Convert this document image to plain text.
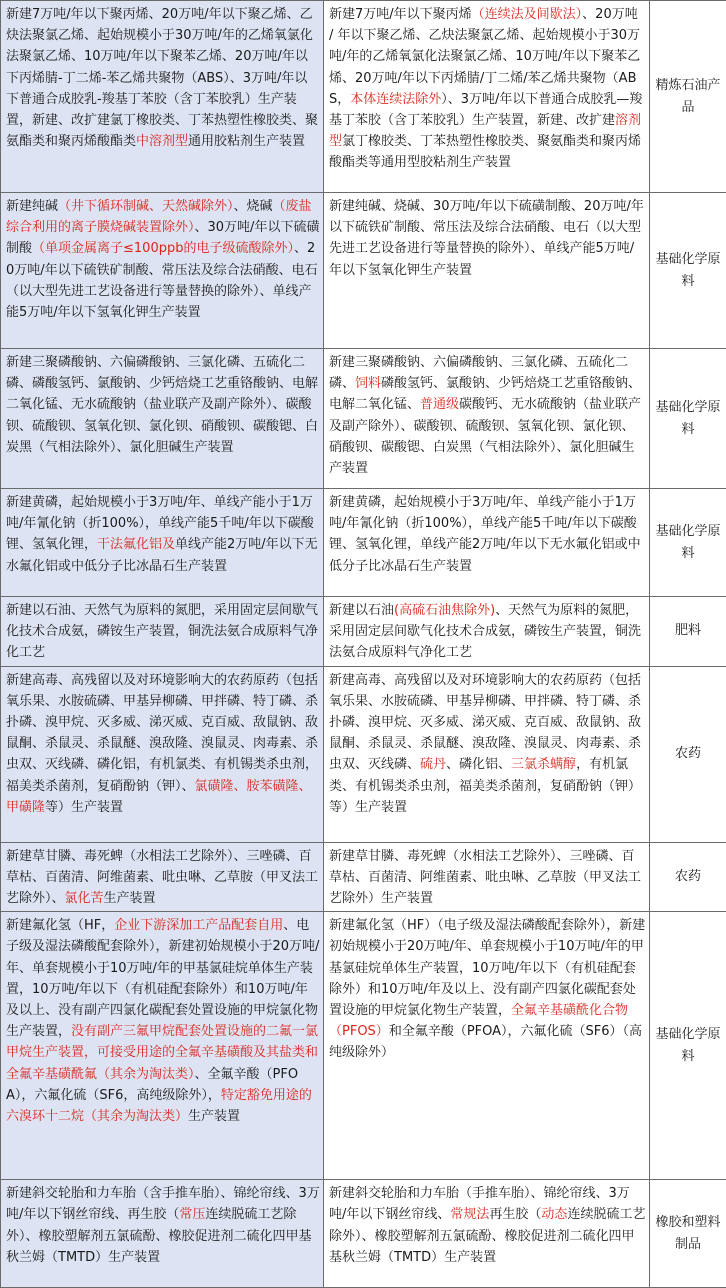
新建7万吨/年以下聚丙烯、20万吨/年以下聚乙烯、乙炔法聚氯乙烯、起始规模小于30万吨/年的乙烯氧氯化法聚氯乙烯、10万吨/年以下聚苯乙烯、20万吨/年以下丙烯腈-丁二烯-苯乙烯共聚物（ABS）、3万吨/年以下普通合成胶乳-羧基丁苯胶（含丁苯胶乳）生产装置，新建、改扩建氯丁橡胶类、丁苯热塑性橡胶类、聚氨酯类和聚丙烯酸酯类中溶剂型通用胶粘剂生产装置	新建7万吨/年以下聚丙烯（连续法及间歇法）、20万吨 / 年以下聚乙烯、乙炔法聚氯乙烯、起始规模小于30万吨/年的乙烯氧氯化法聚氯乙烯、10万吨/年以下聚苯乙烯、20万吨/年以下丙烯腈/丁二烯/苯乙烯共聚物（ABS，本体连续法除外）、3万吨/年以下普通合成胶乳—羧基丁苯胶（含丁苯胶乳）生产装置，新建、改扩建溶剂型氯丁橡胶类、丁苯热塑性橡胶类、聚氨酯类和聚丙烯酸酯类等通用型胶粘剂生产装置	精炼石油产品
新建纯碱（井下循环制碱、天然碱除外）、烧碱（废盐综合利用的离子膜烧碱装置除外）、30万吨/年以下硫磺制酸（单项金属离子≤100ppb的电子级硫酸除外）、20万吨/年以下硫铁矿制酸、常压法及综合法硝酸、电石（以大型先进工艺设备进行等量替换的除外）、单线产能5万吨/年以下氢氧化钾生产装置	新建纯碱、烧碱、30万吨/年以下硫磺制酸、20万吨/年以下硫铁矿制酸、常压法及综合法硝酸、电石（以大型先进工艺设备进行等量替换的除外）、单线产能5万吨/年以下氢氧化钾生产装置	基础化学原料
新建三聚磷酸钠、六偏磷酸钠、三氯化磷、五硫化二磷、磷酸氢钙、氯酸钠、少钙焙烧工艺重铬酸钠、电解二氧化锰、无水硫酸钠（盐业联产及副产除外）、碳酸钡、硫酸钡、氢氧化钡、氯化钡、硝酸钡、碳酸锶、白炭黑（气相法除外）、氯化胆碱生产装置	新建三聚磷酸钠、六偏磷酸钠、三氯化磷、五硫化二磷、饲料磷酸氢钙、氯酸钠、少钙焙烧工艺重铬酸钠、电解二氧化锰、普通级碳酸钙、无水硫酸钠（盐业联产及副产除外）、碳酸钡、硫酸钡、氢氧化钡、氯化钡、硝酸钡、碳酸锶、白炭黑（气相法除外）、氯化胆碱生产装置	基础化学原料
新建黄磷，起始规模小于3万吨/年、单线产能小于1万吨/年氰化钠（折100%），单线产能5千吨/年以下碳酸锂、氢氧化锂，干法氟化铝及单线产能2万吨/年以下无水氟化铝或中低分子比冰晶石生产装置	新建黄磷，起始规模小于3万吨/年、单线产能小于1万吨/年氰化钠（折100%），单线产能5千吨/年以下碳酸锂、氢氧化锂，单线产能2万吨/年以下无水氟化铝或中低分子比冰晶石生产装置	基础化学原料
新建以石油、天然气为原料的氮肥，采用固定层间歇气化技术合成氨，磷铵生产装置，铜洗法氨合成原料气净化工艺	新建以石油(高硫石油焦除外)、天然气为原料的氮肥，采用固定层间歇气化技术合成氨，磷铵生产装置，铜洗法氨合成原料气净化工艺	肥料
新建高毒、高残留以及对环境影响大的农药原药（包括氧乐果、水胺硫磷、甲基异柳磷、甲拌磷、特丁磷、杀扑磷、溴甲烷、灭多威、涕灭威、克百威、敌鼠钠、敌鼠酮、杀鼠灵、杀鼠醚、溴敌隆、溴鼠灵、肉毒素、杀虫双、灭线磷、磷化铝，有机氯类、有机锡类杀虫剂，福美类杀菌剂，复硝酚钠（钾）、氯磺隆、胺苯磺隆、甲磺隆等）生产装置	新建高毒、高残留以及对环境影响大的农药原药（包括氧乐果、水胺硫磷、甲基异柳磷、甲拌磷、特丁磷、杀扑磷、溴甲烷、灭多威、涕灭威、克百威、敌鼠钠、敌鼠酮、杀鼠灵、杀鼠醚、溴敌隆、溴鼠灵、肉毒素、杀虫双、灭线磷、硫丹、磷化铝、三氯杀螨醇，有机氯类、有机锡类杀虫剂，福美类杀菌剂，复硝酚钠（钾）等）生产装置	农药
新建草甘膦、毒死蜱（水相法工艺除外）、三唑磷、百草枯、百菌清、阿维菌素、吡虫啉、乙草胺（甲叉法工艺除外）、氯化苦生产装置	新建草甘膦、毒死蜱（水相法工艺除外）、三唑磷、百草枯、百菌清、阿维菌素、吡虫啉、乙草胺（甲叉法工艺除外）生产装置	农药
新建氟化氢（HF，企业下游深加工产品配套自用、电子级及湿法磷酸配套除外），新建初始规模小于20万吨/年、单套规模小于10万吨/年的甲基氯硅烷单体生产装置，10万吨/年以下（有机硅配套除外）和10万吨/年及以上、没有副产四氯化碳配套处置设施的甲烷氯化物生产装置，没有副产三氟甲烷配套处置设施的二氟一氯甲烷生产装置，可接受用途的全氟辛基磺酸及其盐类和全氟辛基磺酰氟（其余为淘汰类）、全氟辛酸（PFOA），六氟化硫（SF6，高纯级除外），特定豁免用途的六溴环十二烷（其余为淘汰类）生产装置	新建氟化氢（HF）（电子级及湿法磷酸配套除外），新建初始规模小于20万吨/年、单套规模小于10万吨/年的甲基氯硅烷单体生产装置，10万吨/年以下（有机硅配套除外）和10万吨/年及以上、没有副产四氯化碳配套处置设施的甲烷氯化物生产装置，全氟辛基磺酰化合物（PFOS）和全氟辛酸（PFOA），六氟化硫（SF6）（高纯级除外）	基础化学原料
新建斜交轮胎和力车胎（含手推车胎）、锦纶帘线、3万吨/年以下钢丝帘线、再生胶（常压连续脱硫工艺除外）、橡胶塑解剂五氯硫酚、橡胶促进剂二硫化四甲基秋兰姆（TMTD）生产装置	新建斜交轮胎和力车胎（手推车胎）、锦纶帘线、3万吨/年以下钢丝帘线、常规法再生胶（动态连续脱硫工艺除外）、橡胶塑解剂五氯硫酚、橡胶促进剂二硫化四甲基秋兰姆（TMTD）生产装置	橡胶和塑料制品
